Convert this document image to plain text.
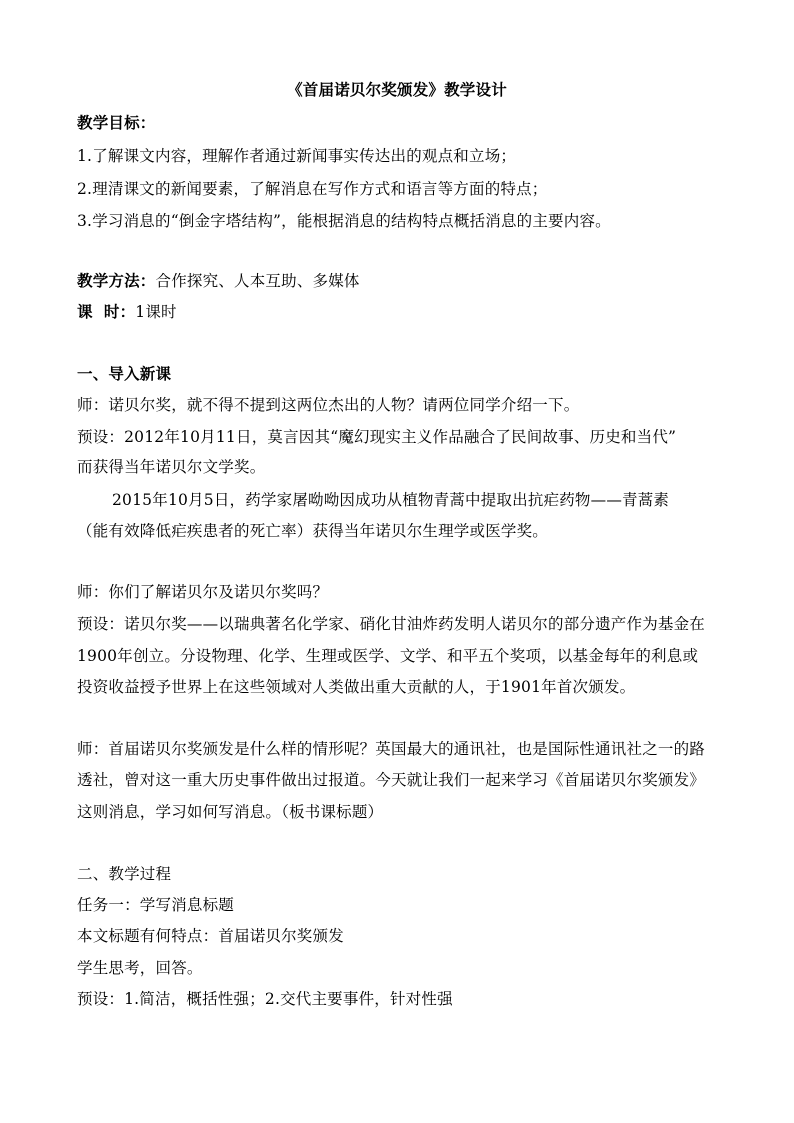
《首届诺贝尔奖颁发》教学设计
教学目标：
1.了解课文内容，理解作者通过新闻事实传达出的观点和立场；
2.理清课文的新闻要素，了解消息在写作方式和语言等方面的特点；
3.学习消息的“倒金字塔结构”，能根据消息的结构特点概括消息的主要内容。
教学方法：合作探究、人本互助、多媒体
课  时：1课时
一、导入新课
师：诺贝尔奖，就不得不提到这两位杰出的人物？请两位同学介绍一下。
预设：2012年10月11日，莫言因其“魔幻现实主义作品融合了民间故事、历史和当代”
而获得当年诺贝尔文学奖。
2015年10月5日，药学家屠呦呦因成功从植物青蒿中提取出抗疟药物——青蒿素
（能有效降低疟疾患者的死亡率）获得当年诺贝尔生理学或医学奖。
师：你们了解诺贝尔及诺贝尔奖吗？
预设：诺贝尔奖——以瑞典著名化学家、硝化甘油炸药发明人诺贝尔的部分遗产作为基金在
1900年创立。分设物理、化学、生理或医学、文学、和平五个奖项，以基金每年的利息或
投资收益授予世界上在这些领域对人类做出重大贡献的人，于1901年首次颁发。
师：首届诺贝尔奖颁发是什么样的情形呢？英国最大的通讯社，也是国际性通讯社之一的路
透社，曾对这一重大历史事件做出过报道。今天就让我们一起来学习《首届诺贝尔奖颁发》
这则消息，学习如何写消息。（板书课标题）
二、教学过程
任务一：学写消息标题
本文标题有何特点：首届诺贝尔奖颁发
学生思考，回答。
预设：1.简洁，概括性强；2.交代主要事件，针对性强
